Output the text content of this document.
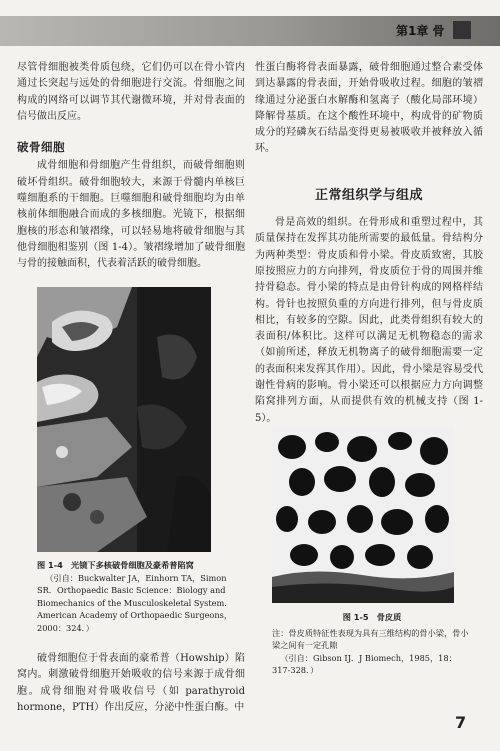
第1章 骨

尽管骨细胞被类骨质包绕，它们仍可以在骨小管内通过长突起与远处的骨细胞进行交流。骨细胞之间构成的网络可以调节其代谢微环境，并对骨表面的信号做出反应。

破骨细胞

成骨细胞和骨细胞产生骨组织，而破骨细胞则破坏骨组织。破骨细胞较大，来源于骨髓内单核巨噬细胞系的干细胞。巨噬细胞和破骨细胞均为由单核前体细胞融合而成的多核细胞。光镜下，根据细胞核的形态和皱褶缘，可以轻易地将破骨细胞与其他骨细胞相鉴别（图 1-4）。皱褶缘增加了破骨细胞与骨的接触面积，代表着活跃的破骨细胞。

图 1-4　光镜下多核破骨细胞及豪希普陷窝
（引自：Buckwalter JA，Einhorn TA，Simon SR．Orthopaedic Basic Science：Biology and Biomechanics of the Musculoskeletal System．American Academy of Orthopaedic Surgeons，2000：324．）

破骨细胞位于骨表面的豪希普（Howship）陷窝内。刺激破骨细胞开始吸收的信号来源于成骨细胞。成骨细胞对骨吸收信号（如 parathyroid hormone，PTH）作出反应，分泌中性蛋白酶。中

性蛋白酶将骨表面暴露，破骨细胞通过整合素受体到达暴露的骨表面，开始骨吸收过程。细胞的皱褶缘通过分泌蛋白水解酶和氢离子（酸化局部环境）降解骨基质。在这个酸性环境中，构成骨的矿物质成分的羟磷灰石结晶变得更易被吸收并被释放入循环。

正常组织学与组成

骨是高效的组织。在骨形成和重塑过程中，其质量保持在发挥其功能所需要的最低量。骨结构分为两种类型：骨皮质和骨小梁。骨皮质致密，其胶原按照应力的方向排列，骨皮质位于骨的周围并维持骨稳态。骨小梁的特点是由骨针构成的网格样结构。骨针也按照负重的方向进行排列，但与骨皮质相比，有较多的空隙。因此，此类骨组织有较大的表面积/体积比。这样可以满足无机物稳态的需求（如前所述，释放无机物离子的破骨细胞需要一定的表面积来发挥其作用）。因此，骨小梁是容易受代谢性骨病的影响。骨小梁还可以根据应力方向调整陷窝排列方面，从而提供有效的机械支持（图 1-5）。

图 1-5　骨皮质
注：骨皮质特征性表现为具有三维结构的骨小梁，骨小梁之间有一定孔隙
（引自：Gibson IJ．J Biomech，1985，18：317-328．）
7
